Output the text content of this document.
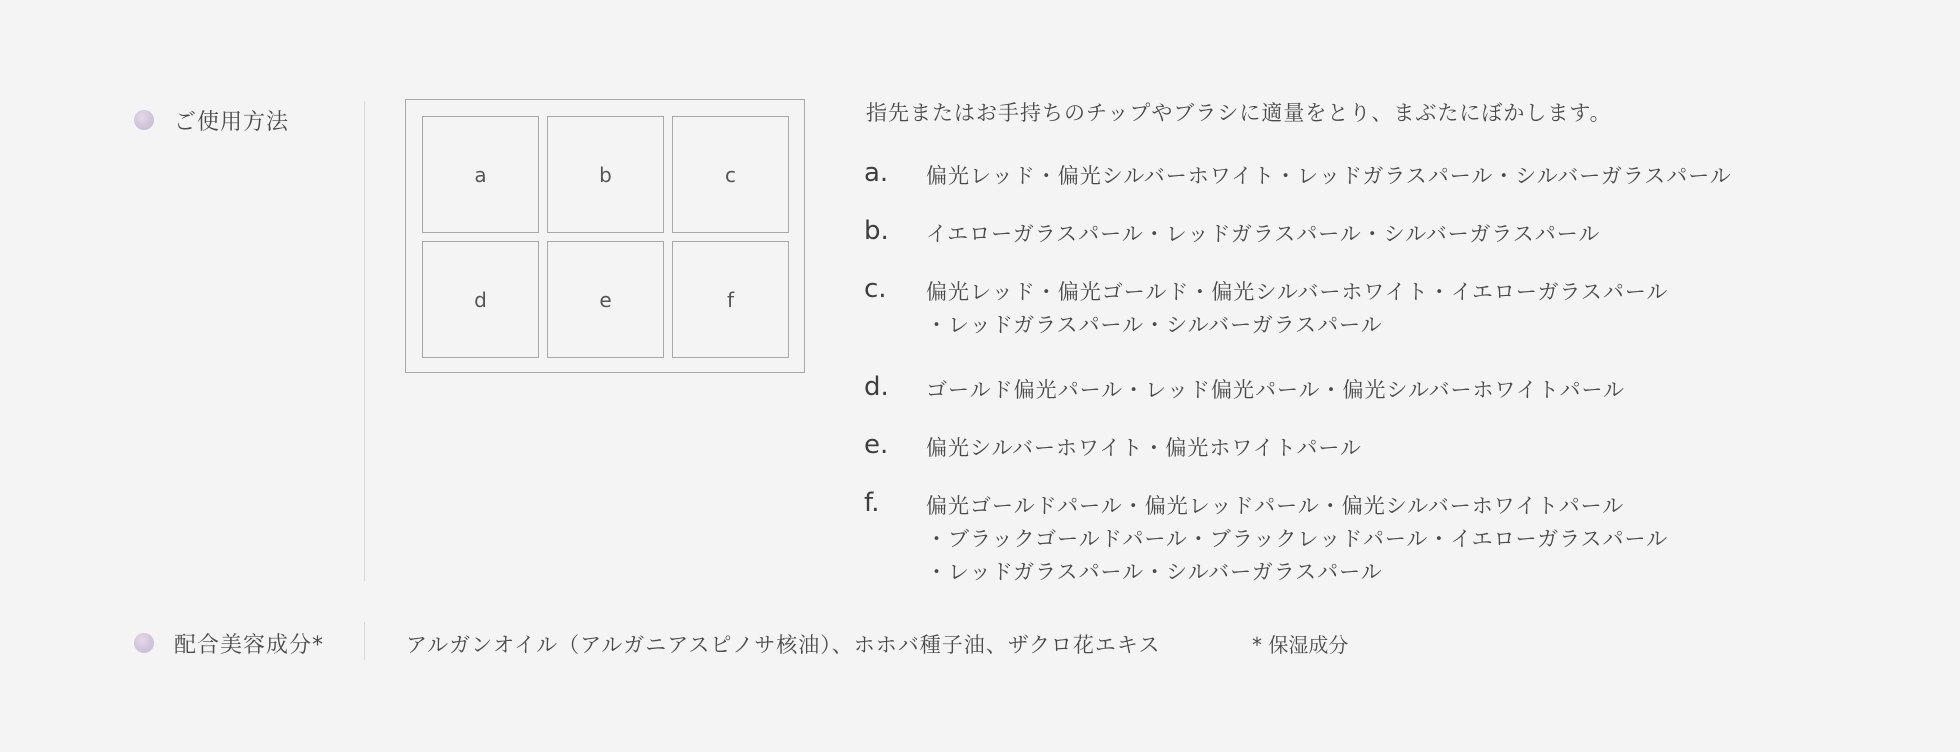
ご使用方法
a	b	c
d	e	f
指先またはお手持ちのチップやブラシに適量をとり、まぶたにぼかします。
a. 偏光レッド・偏光シルバーホワイト・レッドガラスパール・シルバーガラスパール
b. イエローガラスパール・レッドガラスパール・シルバーガラスパール
c. 偏光レッド・偏光ゴールド・偏光シルバーホワイト・イエローガラスパール
・レッドガラスパール・シルバーガラスパール
d. ゴールド偏光パール・レッド偏光パール・偏光シルバーホワイトパール
e. 偏光シルバーホワイト・偏光ホワイトパール
f. 偏光ゴールドパール・偏光レッドパール・偏光シルバーホワイトパール
・ブラックゴールドパール・ブラックレッドパール・イエローガラスパール
・レッドガラスパール・シルバーガラスパール
配合美容成分*	アルガンオイル（アルガニアスピノサ核油）、ホホバ種子油、ザクロ花エキス	* 保湿成分
